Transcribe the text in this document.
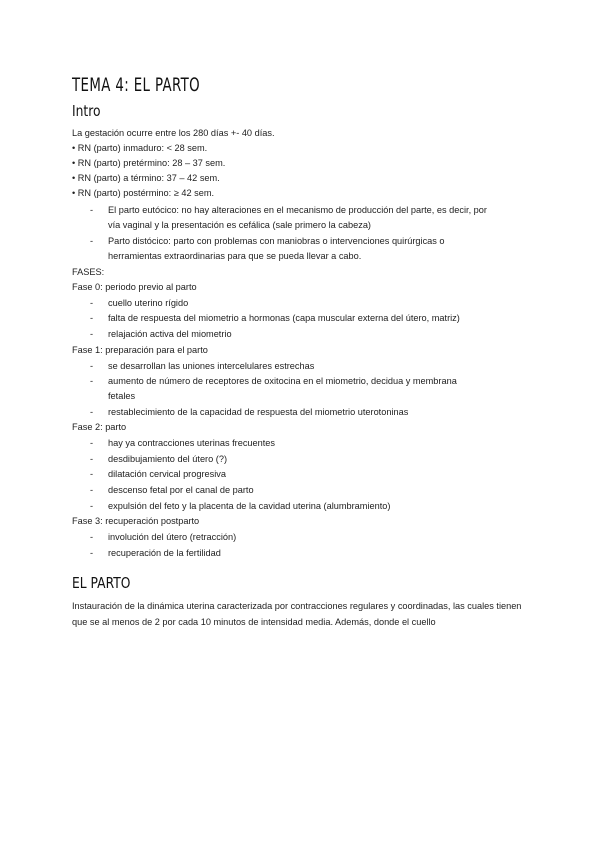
TEMA 4: EL PARTO
Intro
La gestación ocurre entre los 280 días +- 40 días.
• RN (parto) inmaduro: < 28 sem.
• RN (parto) pretérmino: 28 – 37 sem.
• RN (parto) a término: 37 – 42 sem.
• RN (parto) postérmino: ≥ 42 sem.
-	El parto eutócico: no hay alteraciones en el mecanismo de producción del parte, es decir, por
vía vaginal y la presentación es cefálica (sale primero la cabeza)
-	Parto distócico: parto con problemas con maniobras o intervenciones quirúrgicas o
herramientas extraordinarias para que se pueda llevar a cabo.
FASES:
Fase 0: periodo previo al parto
-	cuello uterino rígido
-	falta de respuesta del miometrio a hormonas (capa muscular externa del útero, matriz)
-	relajación activa del miometrio
Fase 1: preparación para el parto
-	se desarrollan las uniones intercelulares estrechas
-	aumento de número de receptores de oxitocina en el miometrio, decidua y membrana
fetales
-	restablecimiento de la capacidad de respuesta del miometrio uterotoninas
Fase 2: parto
-	hay ya contracciones uterinas frecuentes
-	desdibujamiento del útero (?)
-	dilatación cervical progresiva
-	descenso fetal por el canal de parto
-	expulsión del feto y la placenta de la cavidad uterina (alumbramiento)
Fase 3: recuperación postparto
-	involución del útero (retracción)
-	recuperación de la fertilidad
EL PARTO
Instauración de la dinámica uterina caracterizada por contracciones regulares y coordinadas, las cuales tienen que se al menos de 2 por cada 10 minutos de intensidad media. Además, donde el cuello
